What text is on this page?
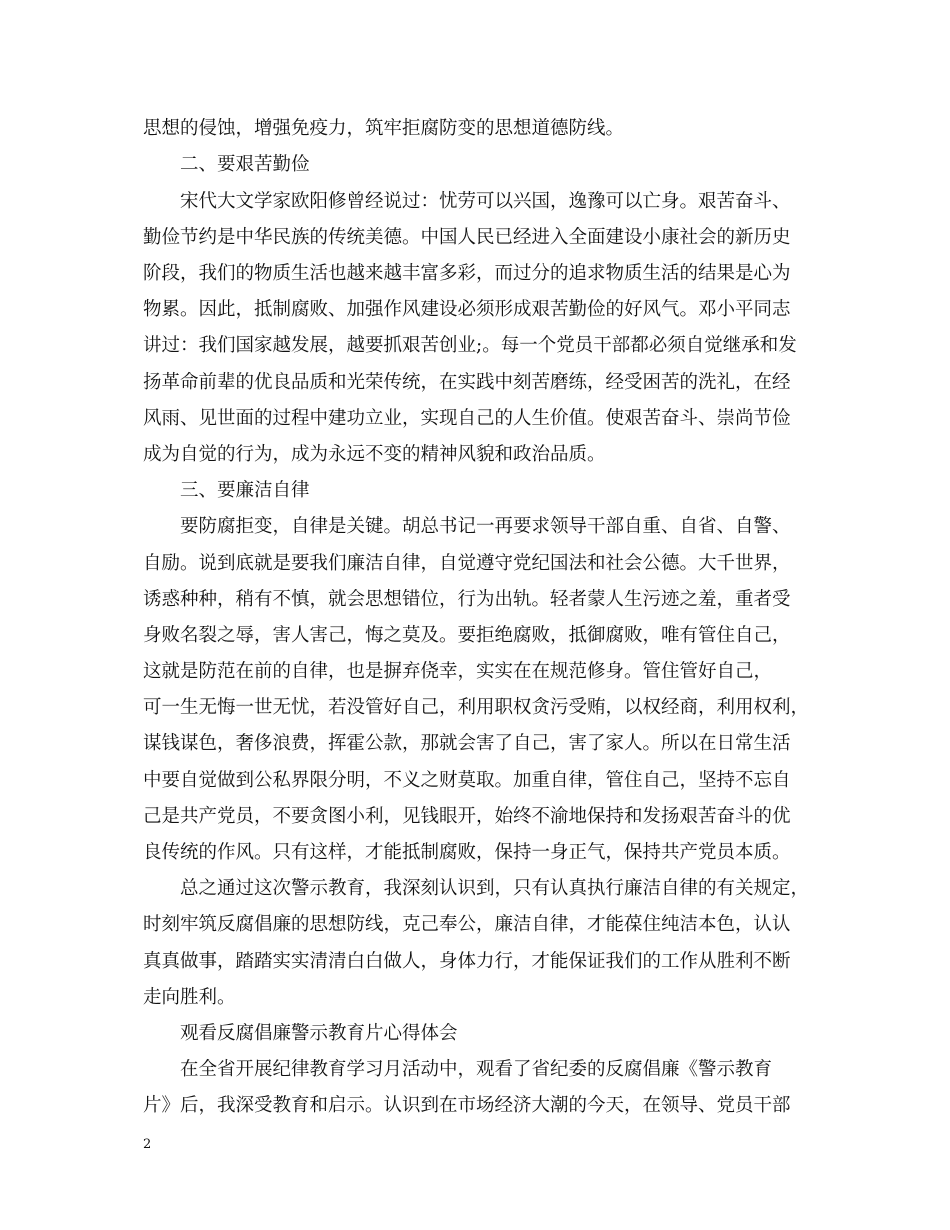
思想的侵蚀，增强免疫力，筑牢拒腐防变的思想道德防线。
二、要艰苦勤俭
宋代大文学家欧阳修曾经说过：忧劳可以兴国，逸豫可以亡身。艰苦奋斗、
勤俭节约是中华民族的传统美德。中国人民已经进入全面建设小康社会的新历史
阶段，我们的物质生活也越来越丰富多彩，而过分的追求物质生活的结果是心为
物累。因此，抵制腐败、加强作风建设必须形成艰苦勤俭的好风气。邓小平同志
讲过：我们国家越发展，越要抓艰苦创业;。每一个党员干部都必须自觉继承和发
扬革命前辈的优良品质和光荣传统，在实践中刻苦磨练，经受困苦的洗礼，在经
风雨、见世面的过程中建功立业，实现自己的人生价值。使艰苦奋斗、崇尚节俭
成为自觉的行为，成为永远不变的精神风貌和政治品质。
三、要廉洁自律
要防腐拒变，自律是关键。胡总书记一再要求领导干部自重、自省、自警、
自励。说到底就是要我们廉洁自律，自觉遵守党纪国法和社会公德。大千世界，
诱惑种种，稍有不慎，就会思想错位，行为出轨。轻者蒙人生污迹之羞，重者受
身败名裂之辱，害人害己，悔之莫及。要拒绝腐败，抵御腐败，唯有管住自己，
这就是防范在前的自律，也是摒弃侥幸，实实在在规范修身。管住管好自己，
可一生无悔一世无忧，若没管好自己，利用职权贪污受贿，以权经商，利用权利，
谋钱谋色，奢侈浪费，挥霍公款，那就会害了自己，害了家人。所以在日常生活
中要自觉做到公私界限分明，不义之财莫取。加重自律，管住自己，坚持不忘自
己是共产党员，不要贪图小利，见钱眼开，始终不渝地保持和发扬艰苦奋斗的优
良传统的作风。只有这样，才能抵制腐败，保持一身正气，保持共产党员本质。
总之通过这次警示教育，我深刻认识到，只有认真执行廉洁自律的有关规定，
时刻牢筑反腐倡廉的思想防线，克己奉公，廉洁自律，才能葆住纯洁本色，认认
真真做事，踏踏实实清清白白做人，身体力行，才能保证我们的工作从胜利不断
走向胜利。
观看反腐倡廉警示教育片心得体会
在全省开展纪律教育学习月活动中，观看了省纪委的反腐倡廉《警示教育
片》后，我深受教育和启示。认识到在市场经济大潮的今天，在领导、党员干部
2
